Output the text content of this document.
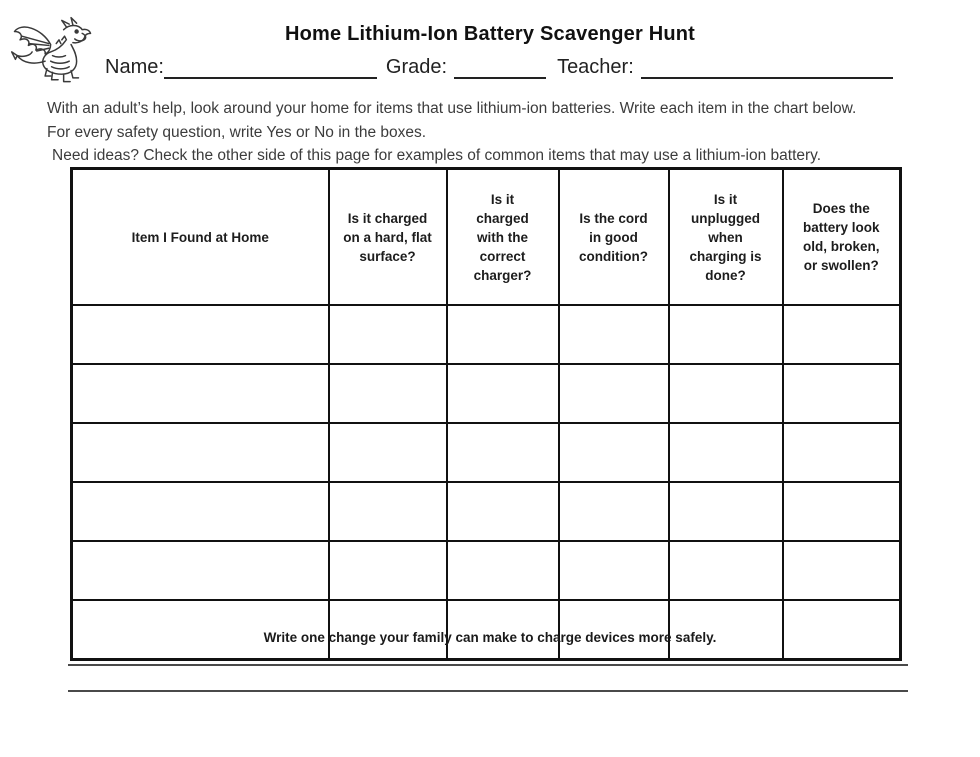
Home Lithium-Ion Battery Scavenger Hunt
Name:	Grade:	Teacher:
With an adult’s help, look around your home for items that use lithium-ion batteries. Write each item in the chart below.
For every safety question, write Yes or No in the boxes.
Need ideas? Check the other side of this page for examples of common items that may use a lithium-ion battery.
Item I Found at Home	Is it charged on a hard, flat surface?	Is it charged with the correct charger?	Is the cord in good condition?	Is it unplugged when charging is done?	Does the battery look old, broken, or swollen?

Write one change your family can make to charge devices more safely.
